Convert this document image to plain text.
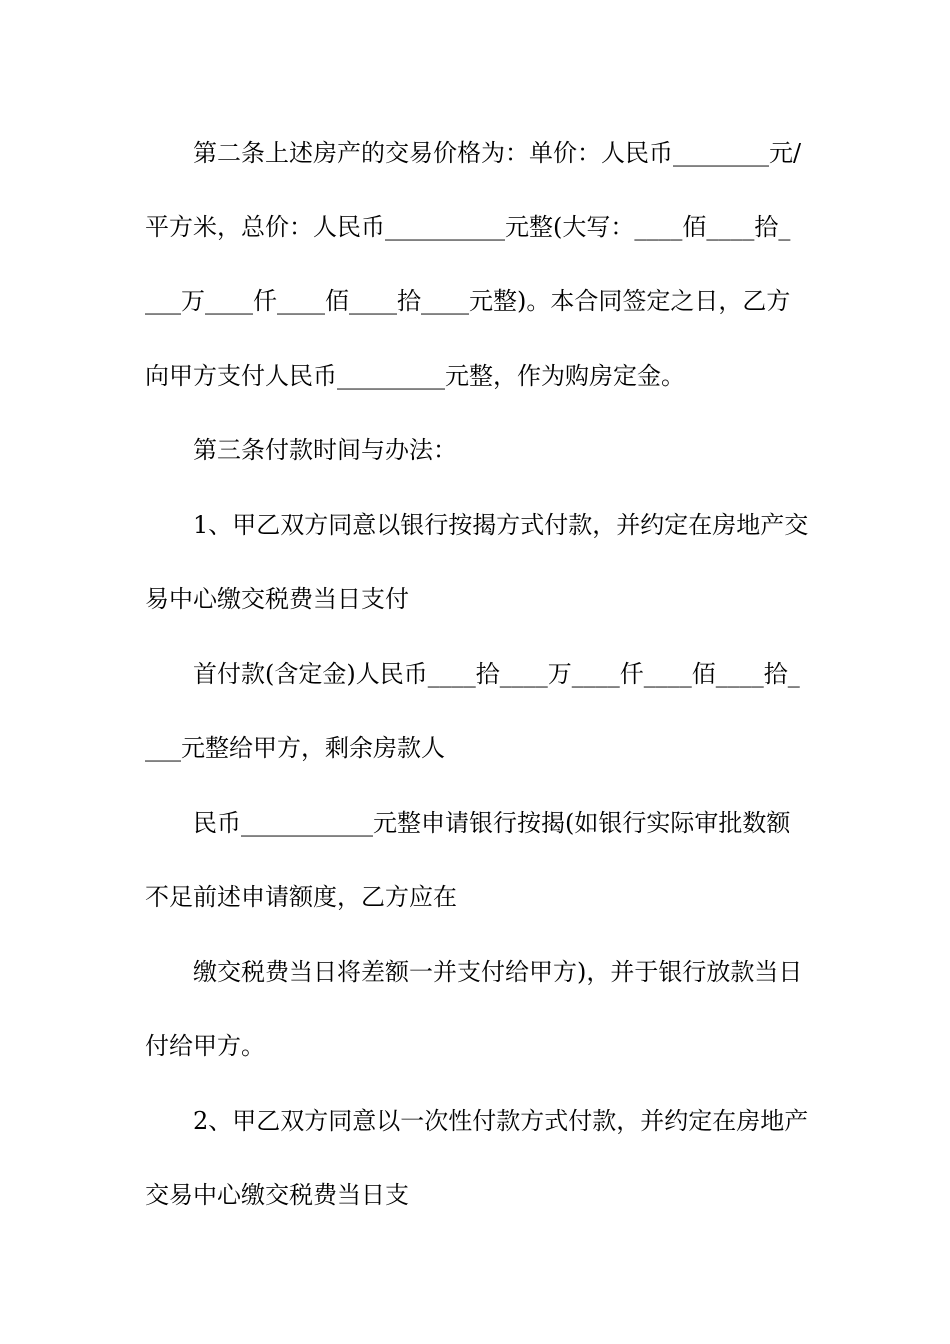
第二条上述房产的交易价格为：单价：人民币________元/
平方米，总价：人民币__________元整(大写：____佰____拾_
___万____仟____佰____拾____元整)。本合同签定之日，乙方
向甲方支付人民币_________元整，作为购房定金。
第三条付款时间与办法：
1、甲乙双方同意以银行按揭方式付款，并约定在房地产交
易中心缴交税费当日支付
首付款(含定金)人民币____拾____万____仟____佰____拾_
___元整给甲方，剩余房款人
民币___________元整申请银行按揭(如银行实际审批数额
不足前述申请额度，乙方应在
缴交税费当日将差额一并支付给甲方)，并于银行放款当日
付给甲方。
2、甲乙双方同意以一次性付款方式付款，并约定在房地产
交易中心缴交税费当日支
